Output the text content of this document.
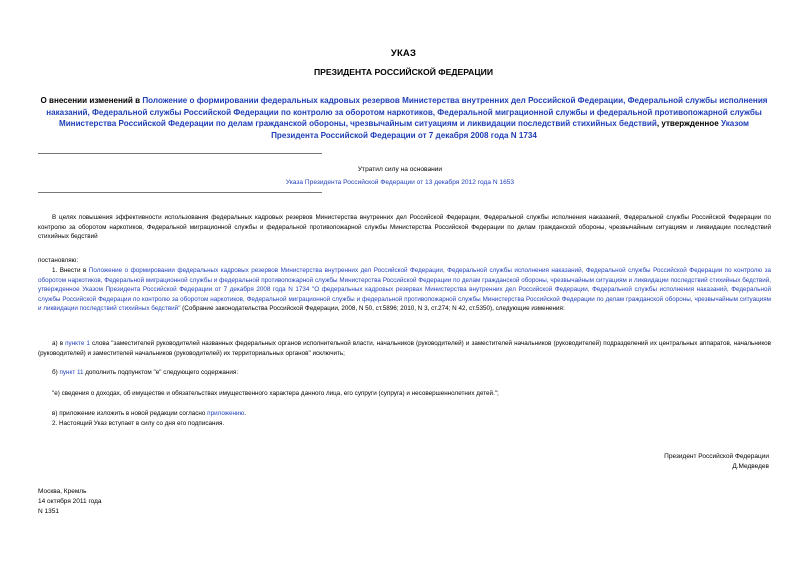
УКАЗ
ПРЕЗИДЕНТА РОССИЙСКОЙ ФЕДЕРАЦИИ
О внесении изменений в Положение о формировании федеральных кадровых резервов Министерства внутренних дел Российской Федерации, Федеральной службы исполнения наказаний, Федеральной службы Российской Федерации по контролю за оборотом наркотиков, Федеральной миграционной службы и федеральной противопожарной службы Министерства Российской Федерации по делам гражданской обороны, чрезвычайным ситуациям и ликвидации последствий стихийных бедствий, утвержденное Указом Президента Российской Федерации от 7 декабря 2008 года N 1734
Утратил силу на основании
Указа Президента Российской Федерации от 13 декабря 2012 года N 1653
В целях повышения эффективности использования федеральных кадровых резервов Министерства внутренних дел Российской Федерации, Федеральной службы исполнения наказаний, Федеральной службы Российской Федерации по контролю за оборотом наркотиков, Федеральной миграционной службы и федеральной противопожарной службы Министерства Российской Федерации по делам гражданской обороны, чрезвычайным ситуациям и ликвидации последствий стихийных бедствий
постановляю:
1. Внести в Положение о формировании федеральных кадровых резервов Министерства внутренних дел Российской Федерации, Федеральной службы исполнения наказаний, Федеральной службы Российской Федерации по контролю за оборотом наркотиков, Федеральной миграционной службы и федеральной противопожарной службы Министерства Российской Федерации по делам гражданской обороны, чрезвычайным ситуациям и ликвидации последствий стихийных бедствий, утвержденное Указом Президента Российской Федерации от 7 декабря 2008 года N 1734 "О федеральных кадровых резервах Министерства внутренних дел Российской Федерации, Федеральной службы исполнения наказаний, Федеральной службы Российской Федерации по контролю за оборотом наркотиков, Федеральной миграционной службы и федеральной противопожарной службы Министерства Российской Федерации по делам гражданской обороны, чрезвычайным ситуациям и ликвидации последствий стихийных бедствий" (Собрание законодательства Российской Федерации, 2008, N 50, ст.5896; 2010, N 3, ст.274; N 42, ст.5350), следующие изменения:
а) в пункте 1 слова "заместителей руководителей названных федеральных органов исполнительной власти, начальников (руководителей) и заместителей начальников (руководителей) подразделений их центральных аппаратов, начальников (руководителей) и заместителей начальников (руководителей) их территориальных органов" исключить;
б) пункт 11 дополнить подпунктом "е" следующего содержания:
"е) сведения о доходах, об имуществе и обязательствах имущественного характера данного лица, его супруги (супруга) и несовершеннолетних детей.";
в) приложение изложить в новой редакции согласно приложению.
2. Настоящий Указ вступает в силу со дня его подписания.
Президент Российской Федерации
Д.Медведев
Москва, Кремль
14 октября 2011 года
N 1351
